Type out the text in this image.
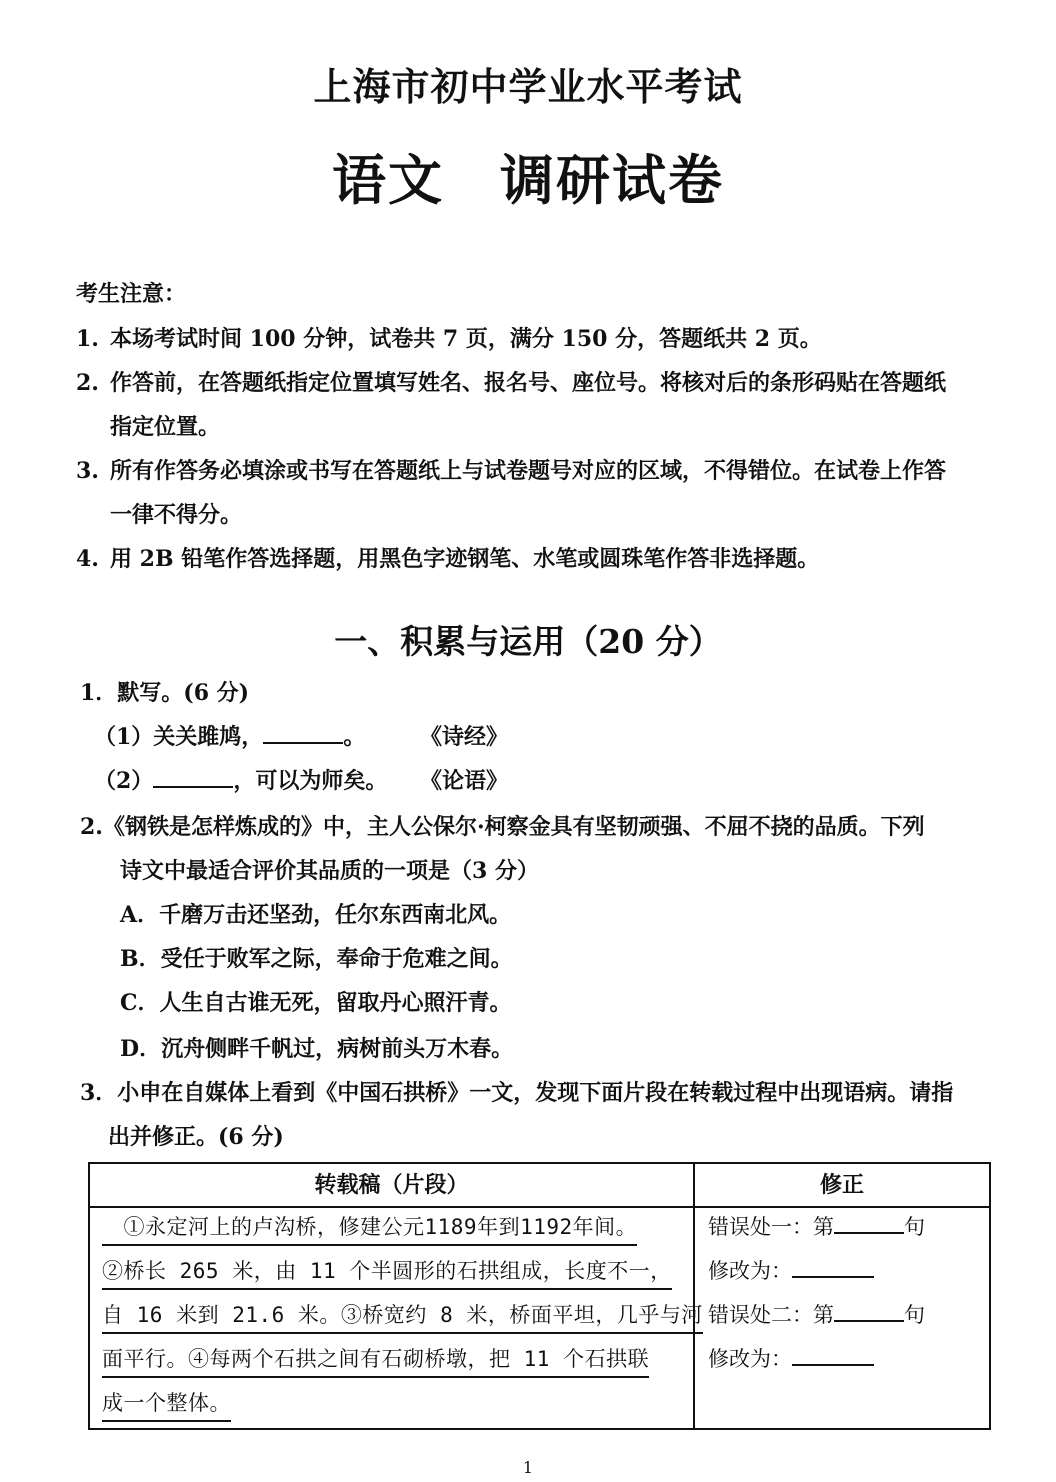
上海市初中学业水平考试
语文　调研试卷
考生注意：
1. 本场考试时间 100 分钟，试卷共 7 页，满分 150 分，答题纸共 2 页。
2. 作答前，在答题纸指定位置填写姓名、报名号、座位号。将核对后的条形码贴在答题纸
指定位置。
3. 所有作答务必填涂或书写在答题纸上与试卷题号对应的区域，不得错位。在试卷上作答
一律不得分。
4. 用 2B 铅笔作答选择题，用黑色字迹钢笔、水笔或圆珠笔作答非选择题。
一、积累与运用（20 分）
1．默写。(6 分)
（1）关关雎鸠，	。 《诗经》
（2）	，可以为师矣。 《论语》
2.《钢铁是怎样炼成的》中，主人公保尔·柯察金具有坚韧顽强、不屈不挠的品质。下列
诗文中最适合评价其品质的一项是（3 分）
A．千磨万击还坚劲，任尔东西南北风。
B．受任于败军之际，奉命于危难之间。
C．人生自古谁无死，留取丹心照汗青。
D．沉舟侧畔千帆过，病树前头万木春。
3．小申在自媒体上看到《中国石拱桥》一文，发现下面片段在转载过程中出现语病。请指
出并修正。(6 分)
转载稿（片段）	修正
　①永定河上的卢沟桥，修建公元1189年到1192年间。
②桥长 265 米，由 11 个半圆形的石拱组成，长度不一，
自 16 米到 21.6 米。③桥宽约 8 米，桥面平坦，几乎与河
面平行。④每两个石拱之间有石砌桥墩，把 11 个石拱联
成一个整体。
错误处一：第	句
修改为：
错误处二：第	句
修改为：
1
